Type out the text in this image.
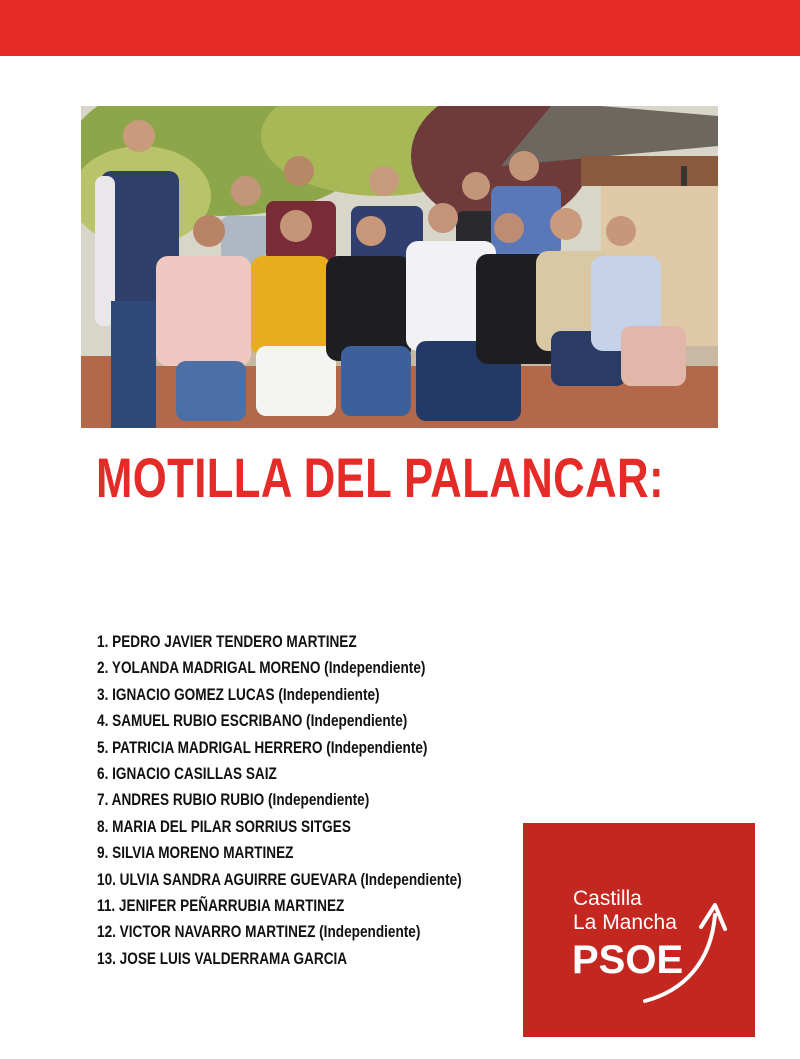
MOTILLA DEL PALANCAR:
1. PEDRO JAVIER TENDERO MARTINEZ
2. YOLANDA MADRIGAL MORENO (Independiente)
3. IGNACIO GOMEZ LUCAS (Independiente)
4. SAMUEL RUBIO ESCRIBANO (Independiente)
5. PATRICIA MADRIGAL HERRERO (Independiente)
6. IGNACIO CASILLAS SAIZ
7. ANDRES RUBIO RUBIO (Independiente)
8. MARIA DEL PILAR SORRIUS SITGES
9. SILVIA MORENO MARTINEZ
10. ULVIA SANDRA AGUIRRE GUEVARA (Independiente)
11. JENIFER PEÑARRUBIA MARTINEZ
12. VICTOR NAVARRO MARTINEZ (Independiente)
13. JOSE LUIS VALDERRAMA GARCIA
Castilla
La Mancha
PSOE
